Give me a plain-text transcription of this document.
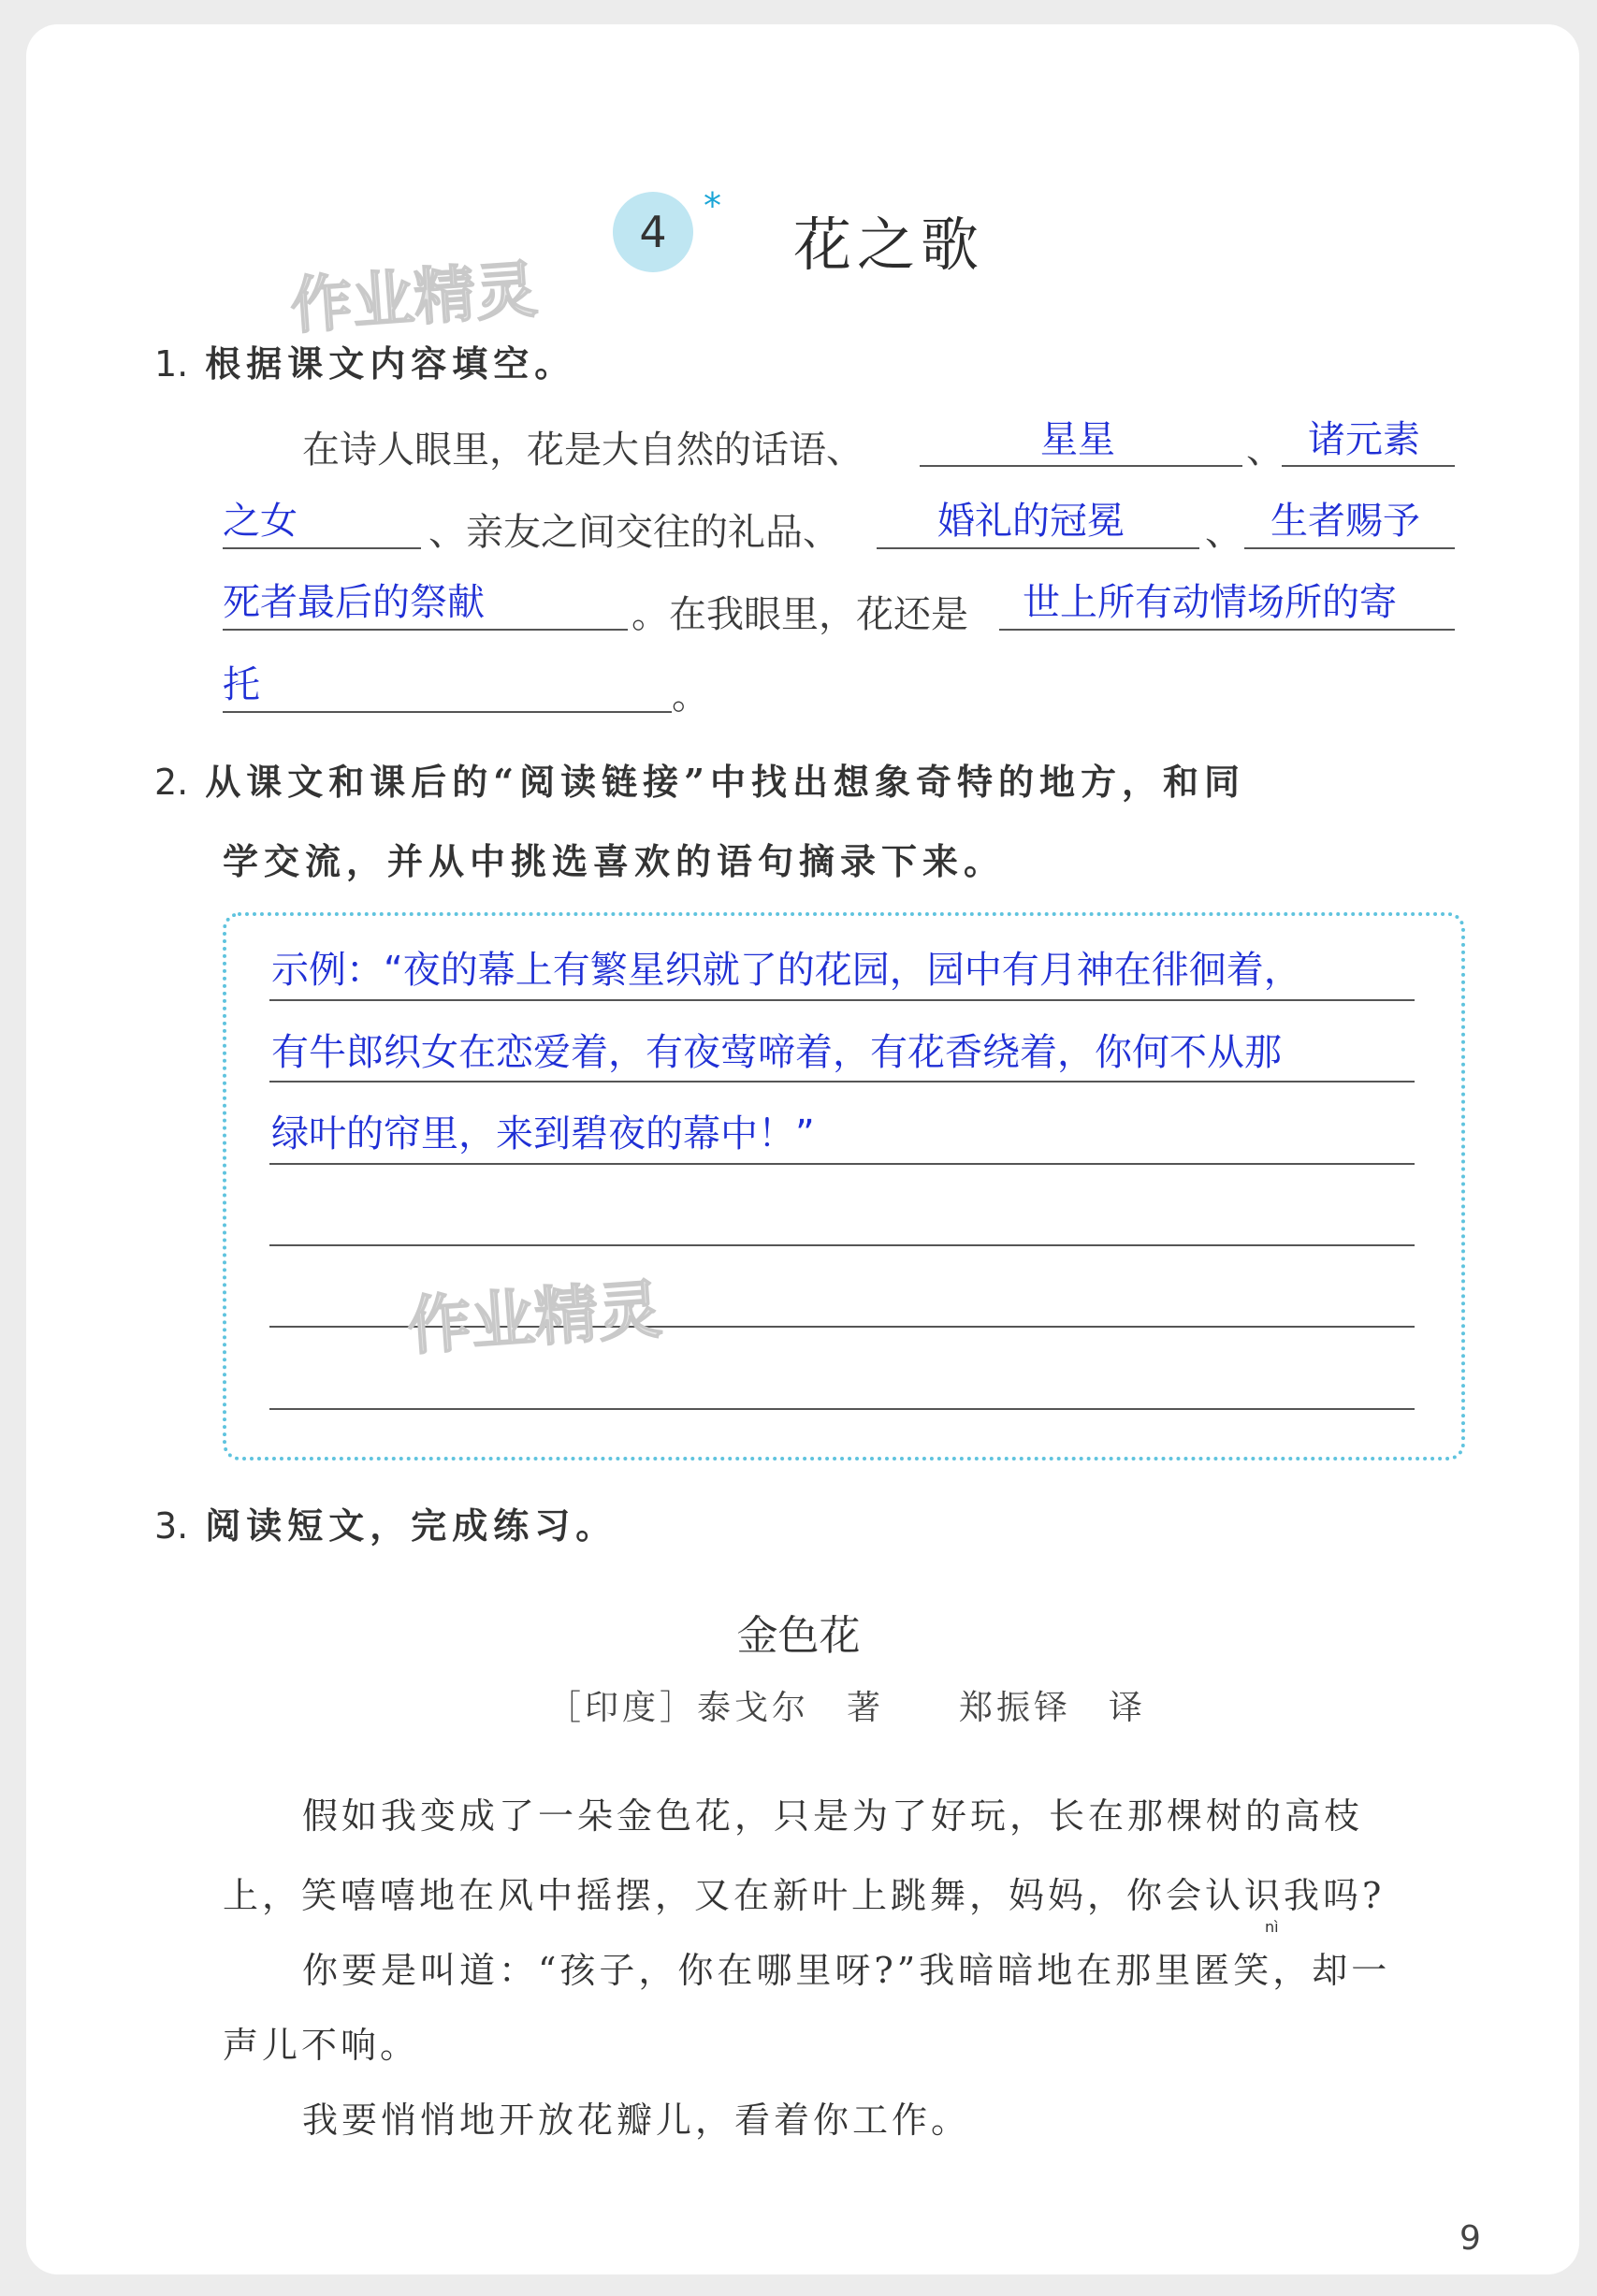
4
*
花之歌
作业精灵
1. 根据课文内容填空。
在诗人眼里，花是大自然的话语、	星星	、 诸元素
之女	、亲友之间交往的礼品、	婚礼的冠冕 、 生者赐予
死者最后的祭献	。在我眼里，花还是 世上所有动情场所的寄
托	。
2. 从课文和课后的“阅读链接”中找出想象奇特的地方，和同
学交流，并从中挑选喜欢的语句摘录下来。
示例：“夜的幕上有繁星织就了的花园，园中有月神在徘徊着，
有牛郎织女在恋爱着，有夜莺啼着，有花香绕着，你何不从那
绿叶的帘里，来到碧夜的幕中！”
作业精灵
3. 阅读短文，完成练习。
金色花
［印度］泰戈尔　著　　郑振铎　译
假如我变成了一朵金色花，只是为了好玩，长在那棵树的高枝
上，笑嘻嘻地在风中摇摆，又在新叶上跳舞，妈妈，你会认识我吗?
nì
你要是叫道：“孩子，你在哪里呀?”我暗暗地在那里匿笑，却一
声儿不响。
我要悄悄地开放花瓣儿，看着你工作。
9
